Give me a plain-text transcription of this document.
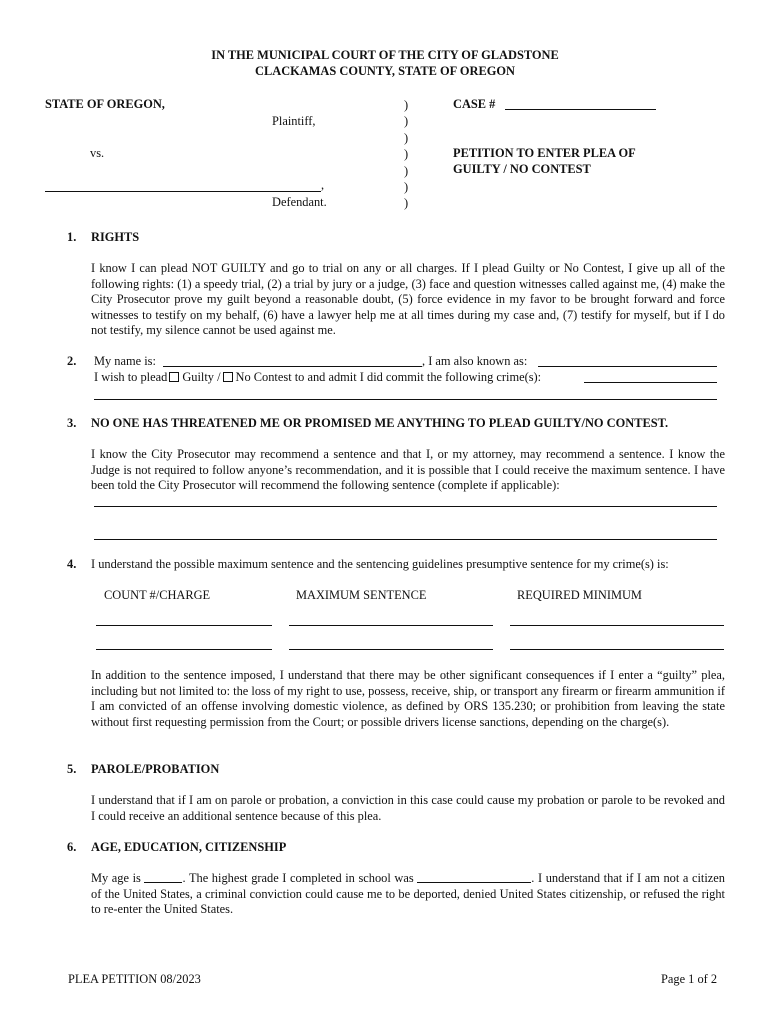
IN THE MUNICIPAL COURT OF THE CITY OF GLADSTONE
CLACKAMAS COUNTY, STATE OF OREGON
STATE OF OREGON,
Plaintiff,
vs.
,
Defendant.
)
)
)
)
)
)
)
CASE #
PETITION TO ENTER PLEA OF
GUILTY / NO CONTEST
1. RIGHTS
I know I can plead NOT GUILTY and go to trial on any or all charges. If I plead Guilty or No Contest, I give up all of the following rights: (1) a speedy trial, (2) a trial by jury or a judge, (3) face and question witnesses called against me, (4) make the City Prosecutor prove my guilt beyond a reasonable doubt, (5) force evidence in my favor to be brought forward and force witnesses to testify on my behalf, (6) have a lawyer help me at all times during my case and, (7) testify for myself, but if I do not testify, my silence cannot be used against me.
2. My name is:	, I am also known as:
I wish to plead Guilty / No Contest to and admit I did commit the following crime(s):
3. NO ONE HAS THREATENED ME OR PROMISED ME ANYTHING TO PLEAD GUILTY/NO CONTEST.
I know the City Prosecutor may recommend a sentence and that I, or my attorney, may recommend a sentence. I know the Judge is not required to follow anyone’s recommendation, and it is possible that I could receive the maximum sentence. I have been told the City Prosecutor will recommend the following sentence (complete if applicable):
4. I understand the possible maximum sentence and the sentencing guidelines presumptive sentence for my crime(s) is:
COUNT #/CHARGE	MAXIMUM SENTENCE	REQUIRED MINIMUM
In addition to the sentence imposed, I understand that there may be other significant consequences if I enter a “guilty” plea, including but not limited to: the loss of my right to use, possess, receive, ship, or transport any firearm or firearm ammunition if I am convicted of an offense involving domestic violence, as defined by ORS 135.230; or prohibition from leaving the state without first requesting permission from the Court; or possible drivers license sanctions, depending on the charge(s).
5. PAROLE/PROBATION
I understand that if I am on parole or probation, a conviction in this case could cause my probation or parole to be revoked and I could receive an additional sentence because of this plea.
6. AGE, EDUCATION, CITIZENSHIP
My age is	. The highest grade I completed in school was	. I understand that if I am not a citizen of the United States, a criminal conviction could cause me to be deported, denied United States citizenship, or refused the right to re-enter the United States.
PLEA PETITION 08/2023	Page 1 of 2
